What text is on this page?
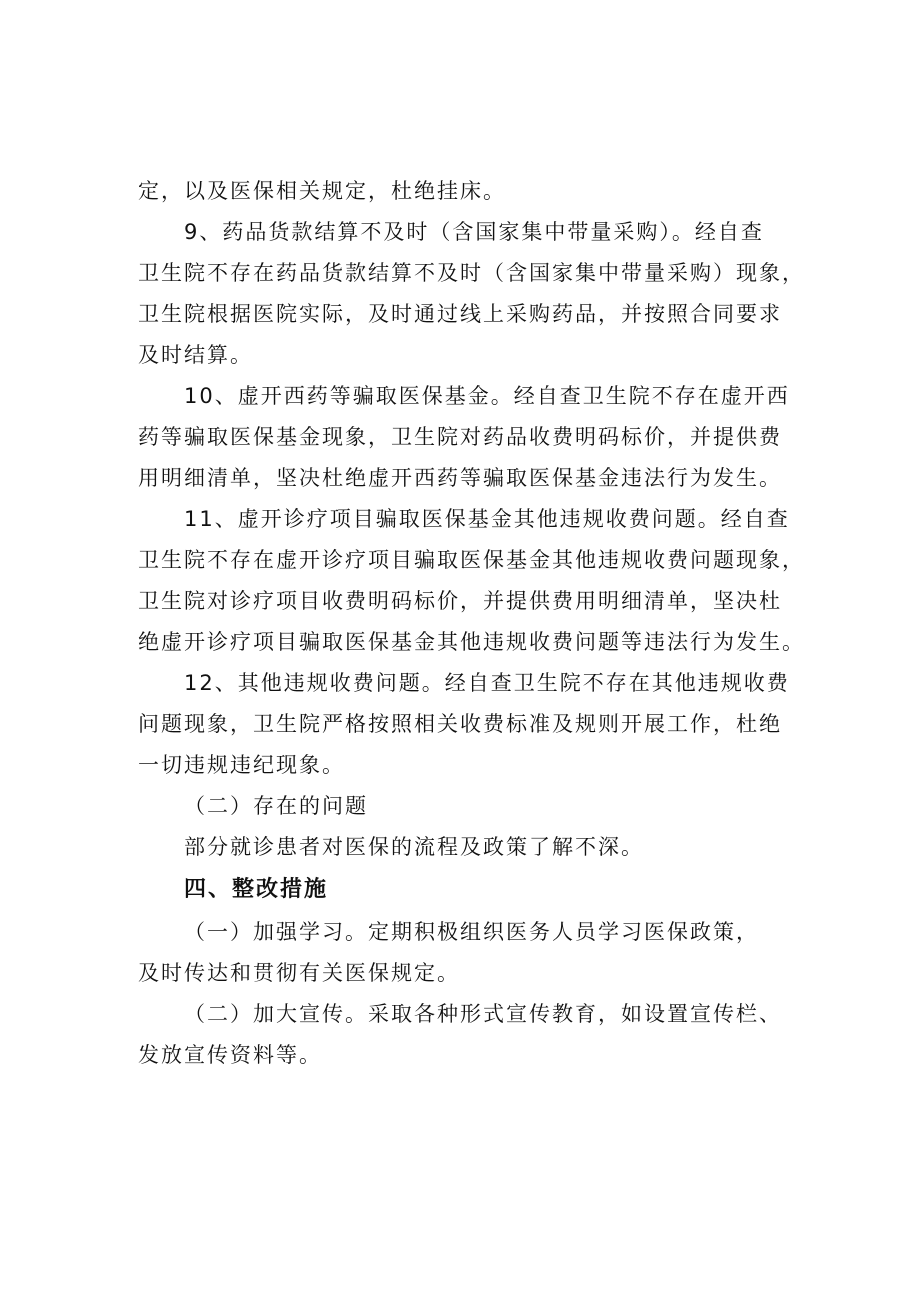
定，以及医保相关规定，杜绝挂床。

9、药品货款结算不及时（含国家集中带量采购）。经自查
卫生院不存在药品货款结算不及时（含国家集中带量采购）现象，
卫生院根据医院实际，及时通过线上采购药品，并按照合同要求
及时结算。

10、虚开西药等骗取医保基金。经自查卫生院不存在虚开西
药等骗取医保基金现象，卫生院对药品收费明码标价，并提供费
用明细清单，坚决杜绝虚开西药等骗取医保基金违法行为发生。

11、虚开诊疗项目骗取医保基金其他违规收费问题。经自查
卫生院不存在虚开诊疗项目骗取医保基金其他违规收费问题现象，
卫生院对诊疗项目收费明码标价，并提供费用明细清单，坚决杜
绝虚开诊疗项目骗取医保基金其他违规收费问题等违法行为发生。

12、其他违规收费问题。经自查卫生院不存在其他违规收费
问题现象，卫生院严格按照相关收费标准及规则开展工作，杜绝
一切违规违纪现象。

（二）存在的问题

部分就诊患者对医保的流程及政策了解不深。

四、整改措施

（一）加强学习。定期积极组织医务人员学习医保政策，
及时传达和贯彻有关医保规定。

（二）加大宣传。采取各种形式宣传教育，如设置宣传栏、
发放宣传资料等。
